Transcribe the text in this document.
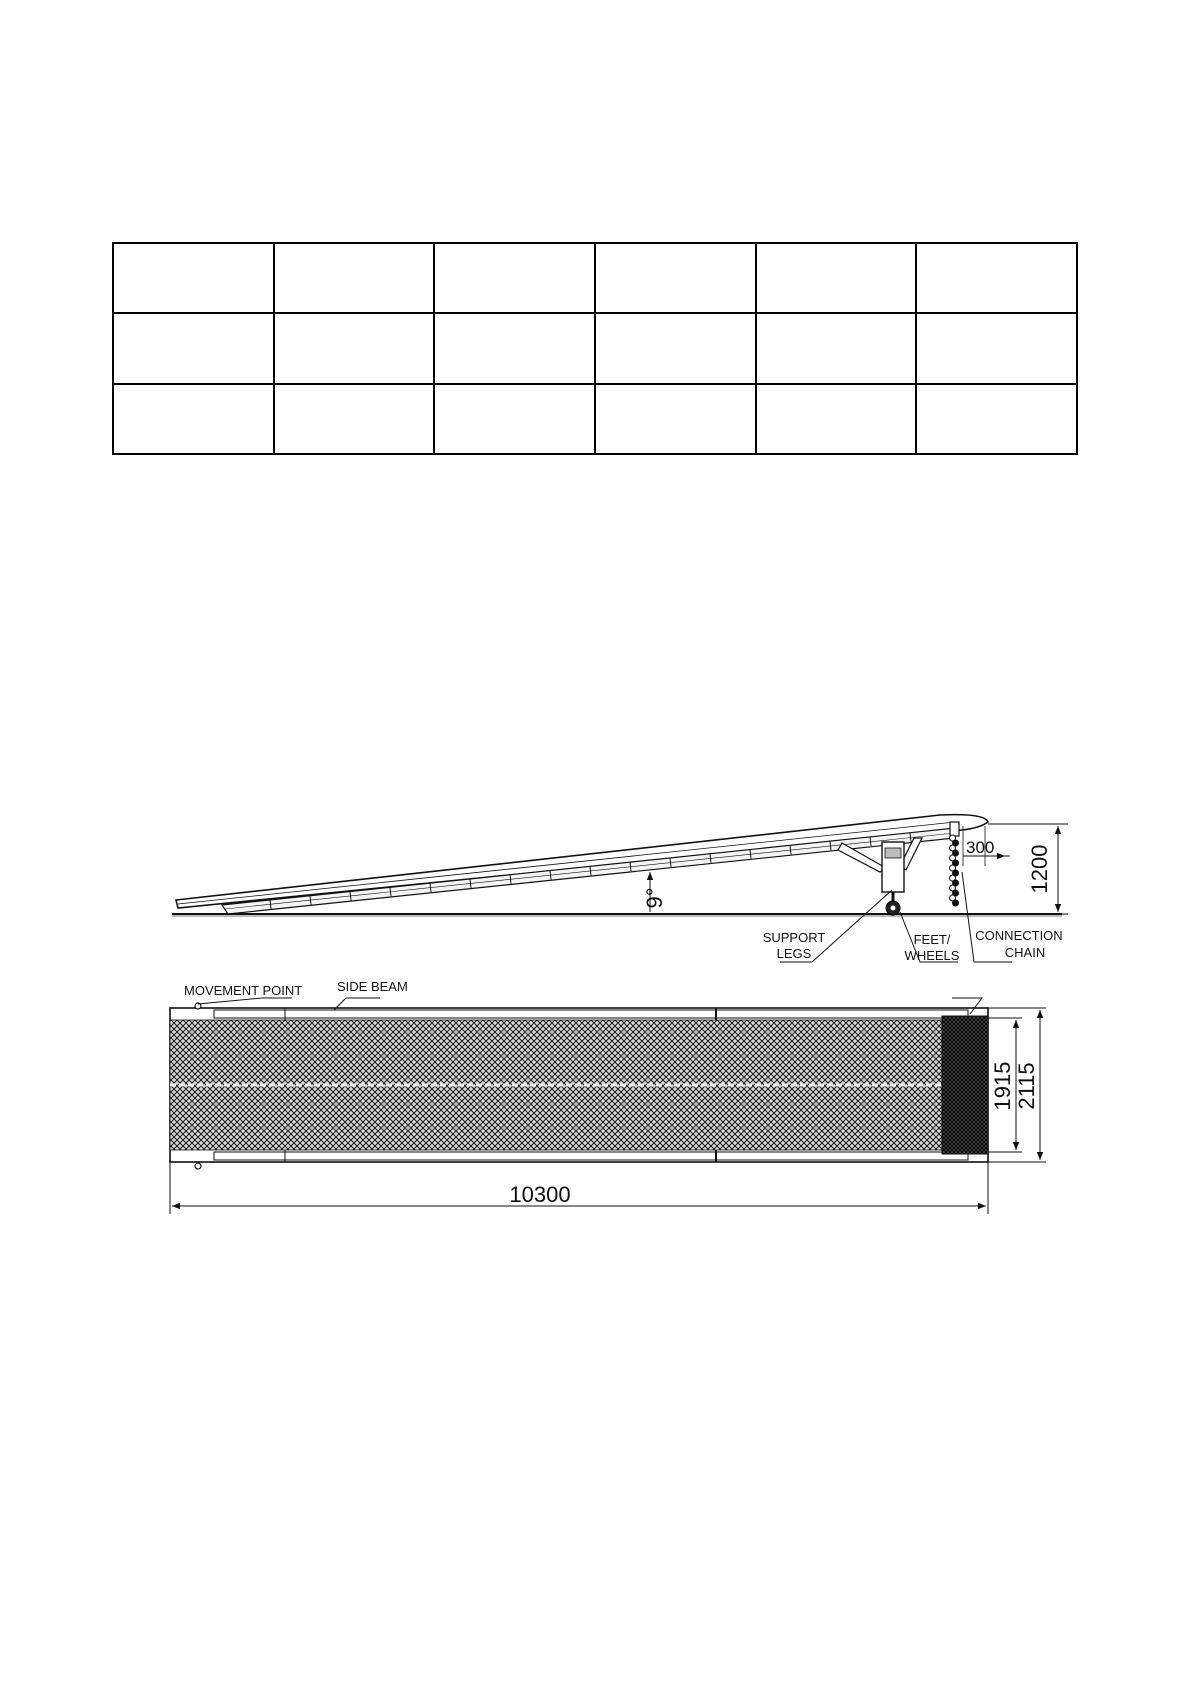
9°
1200
300
SUPPORT
LEGS
FEET/
WHEELS
CONNECTION
CHAIN
MOVEMENT POINT	SIDE BEAM
10300
1915 2115
